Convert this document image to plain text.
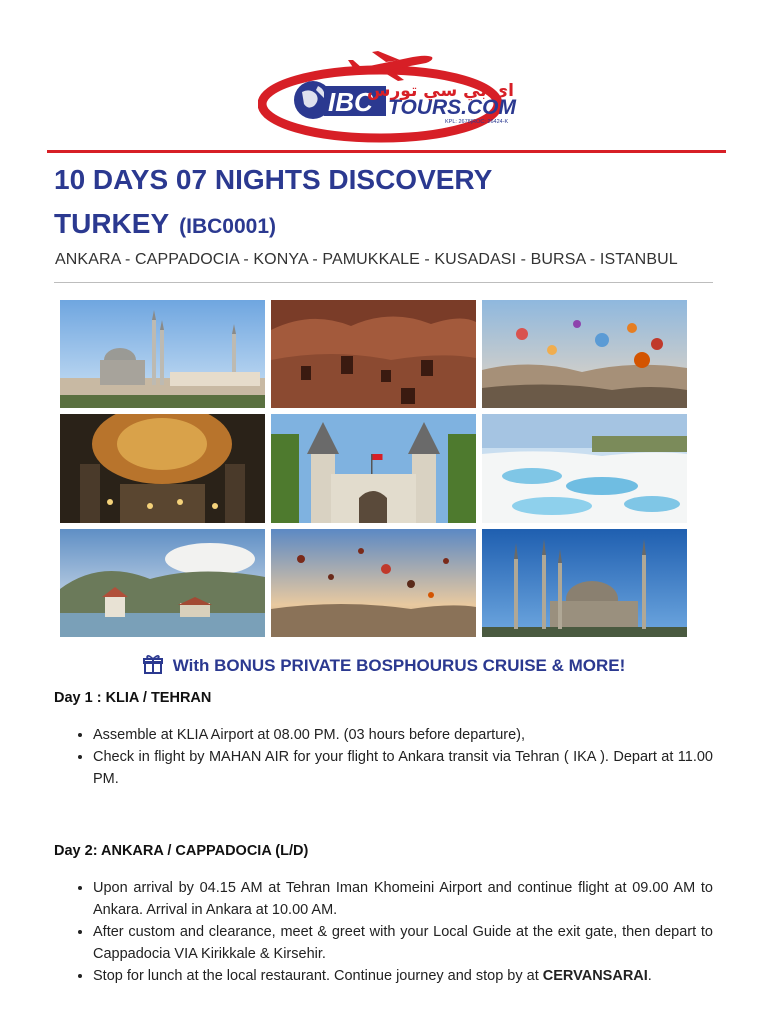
IBC TOURS.COM
اي بي سي تورس
KPL: 2678|ROC: 26424-K
10 DAYS 07 NIGHTS DISCOVERY
TURKEY (IBC0001)
ANKARA - CAPPADOCIA - KONYA - PAMUKKALE - KUSADASI - BURSA - ISTANBUL
With BONUS PRIVATE BOSPHOURUS CRUISE & MORE!
Day 1 : KLIA / TEHRAN
• Assemble at KLIA Airport at 08.00 PM. (03 hours before departure),
• Check in flight by MAHAN AIR for your flight to Ankara transit via Tehran ( IKA ). Depart at 11.00 PM.
Day 2: ANKARA / CAPPADOCIA (L/D)
• Upon arrival by 04.15 AM at Tehran Iman Khomeini Airport and continue flight at 09.00 AM to Ankara. Arrival in Ankara at 10.00 AM.
• After custom and clearance, meet & greet with your Local Guide at the exit gate, then depart to Cappadocia VIA Kirikkale & Kirsehir.
• Stop for lunch at the local restaurant. Continue journey and stop by at CERVANSARAI.
